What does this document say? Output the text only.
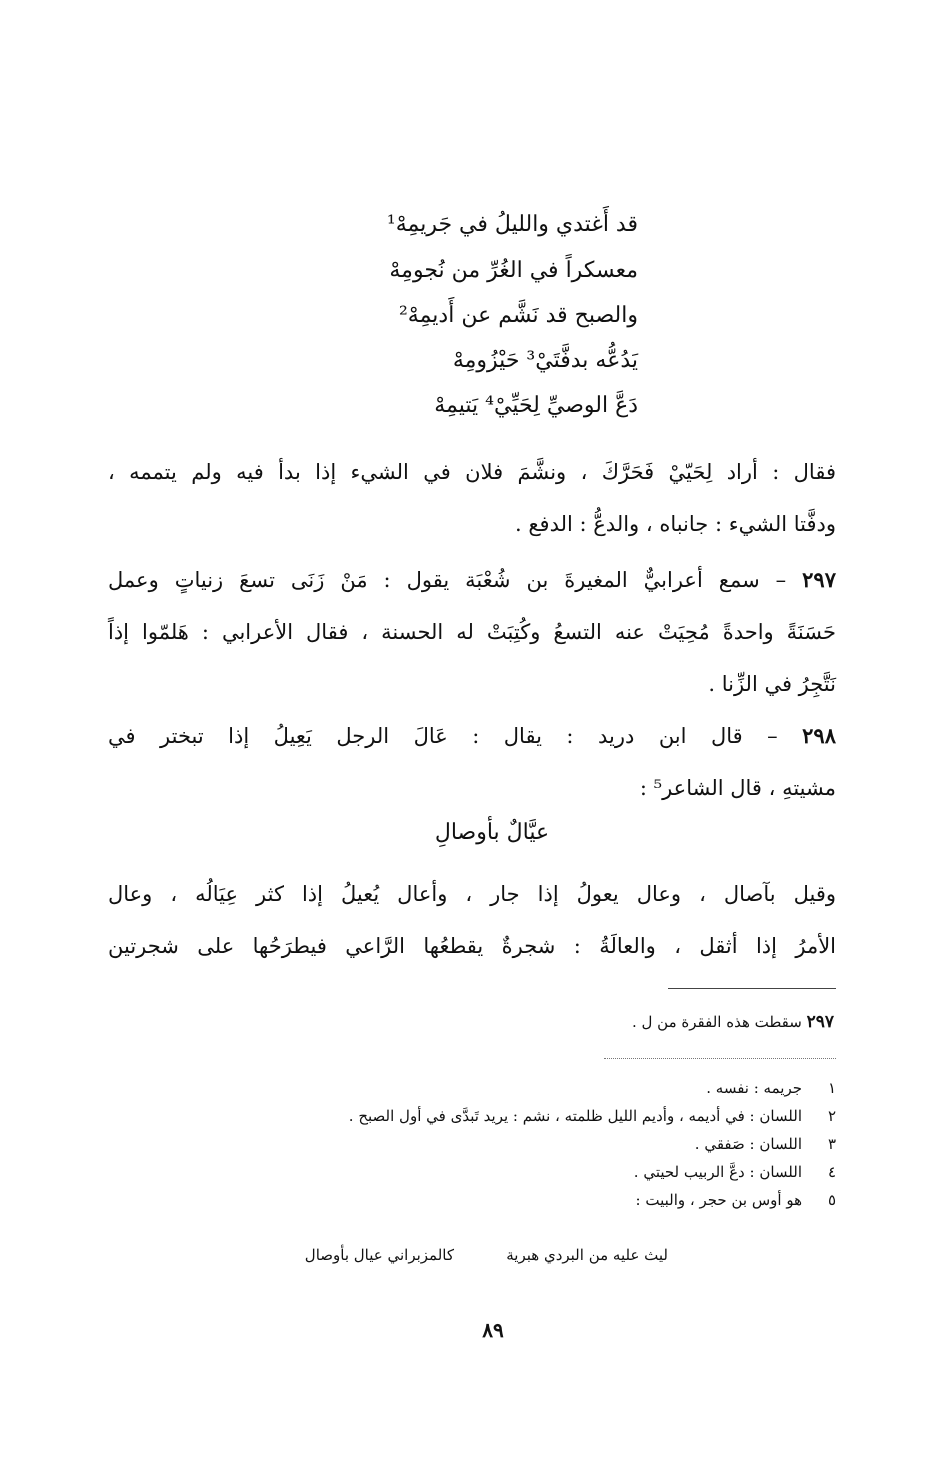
قد أَغتدي والليلُ في جَريمِهْ¹
معسكراً في الغُرِّ من نُجومِهْ
والصبح قد نَشَّم عن أَديمِهْ²
يَدُعُّه بدفَّتَيْ³ حَيْزُومِهْ
دَعَّ الوصيِّ لِحَيِّيْ⁴ يَتيمِهْ
فقال : أراد لِحَيّيْ فَحَرَّكَ ، ونشَّمَ فلان في الشيء إذا بدأ فيه ولم يتممه ،
ودفَّتا الشيء : جانباه ، والدعُّ : الدفع .
٢٩٧ – سمع أعرابيٌّ المغيرةَ بن شُعْبَة يقول : مَنْ زَنَى تسعَ زنياتٍ وعمل
حَسَنَةً واحدةً مُحِيَتْ عنه التسعُ وكُتِبَتْ له الحسنة ، فقال الأعرابي : هَلمّوا إذاً
نَتَّجِرُ في الزِّنا .
٢٩٨ – قال ابن دريد : يقال : عَالَ الرجل يَعِيلُ إذا تبختر في
مشيتهِ ، قال الشاعر⁵ :
عيَّالٌ بأوصالِ
وقيل بآصال ، وعال يعولُ إذا جار ، وأعال يُعيلُ إذا كثر عِيَالُه ، وعال
الأمرُ إذا أثقل ، والعالَةُ : شجرةٌ يقطعُها الرَّاعي فيطرَحُها على شجرتين
٢٩٧ سقطت هذه الفقرة من ل .
١جريمه : نفسه .
٢اللسان : في أديمه ، وأديم الليل ظلمته ، نشم : يريد تَبدَّى في أول الصبح .
٣اللسان : صَفقي .
٤اللسان : دعَّ الربيب لحيتي .
٥هو أوس بن حجر ، والبيت :
ليث عليه من البردي هبرية
كالمزبراني عيال بأوصال
٨٩
